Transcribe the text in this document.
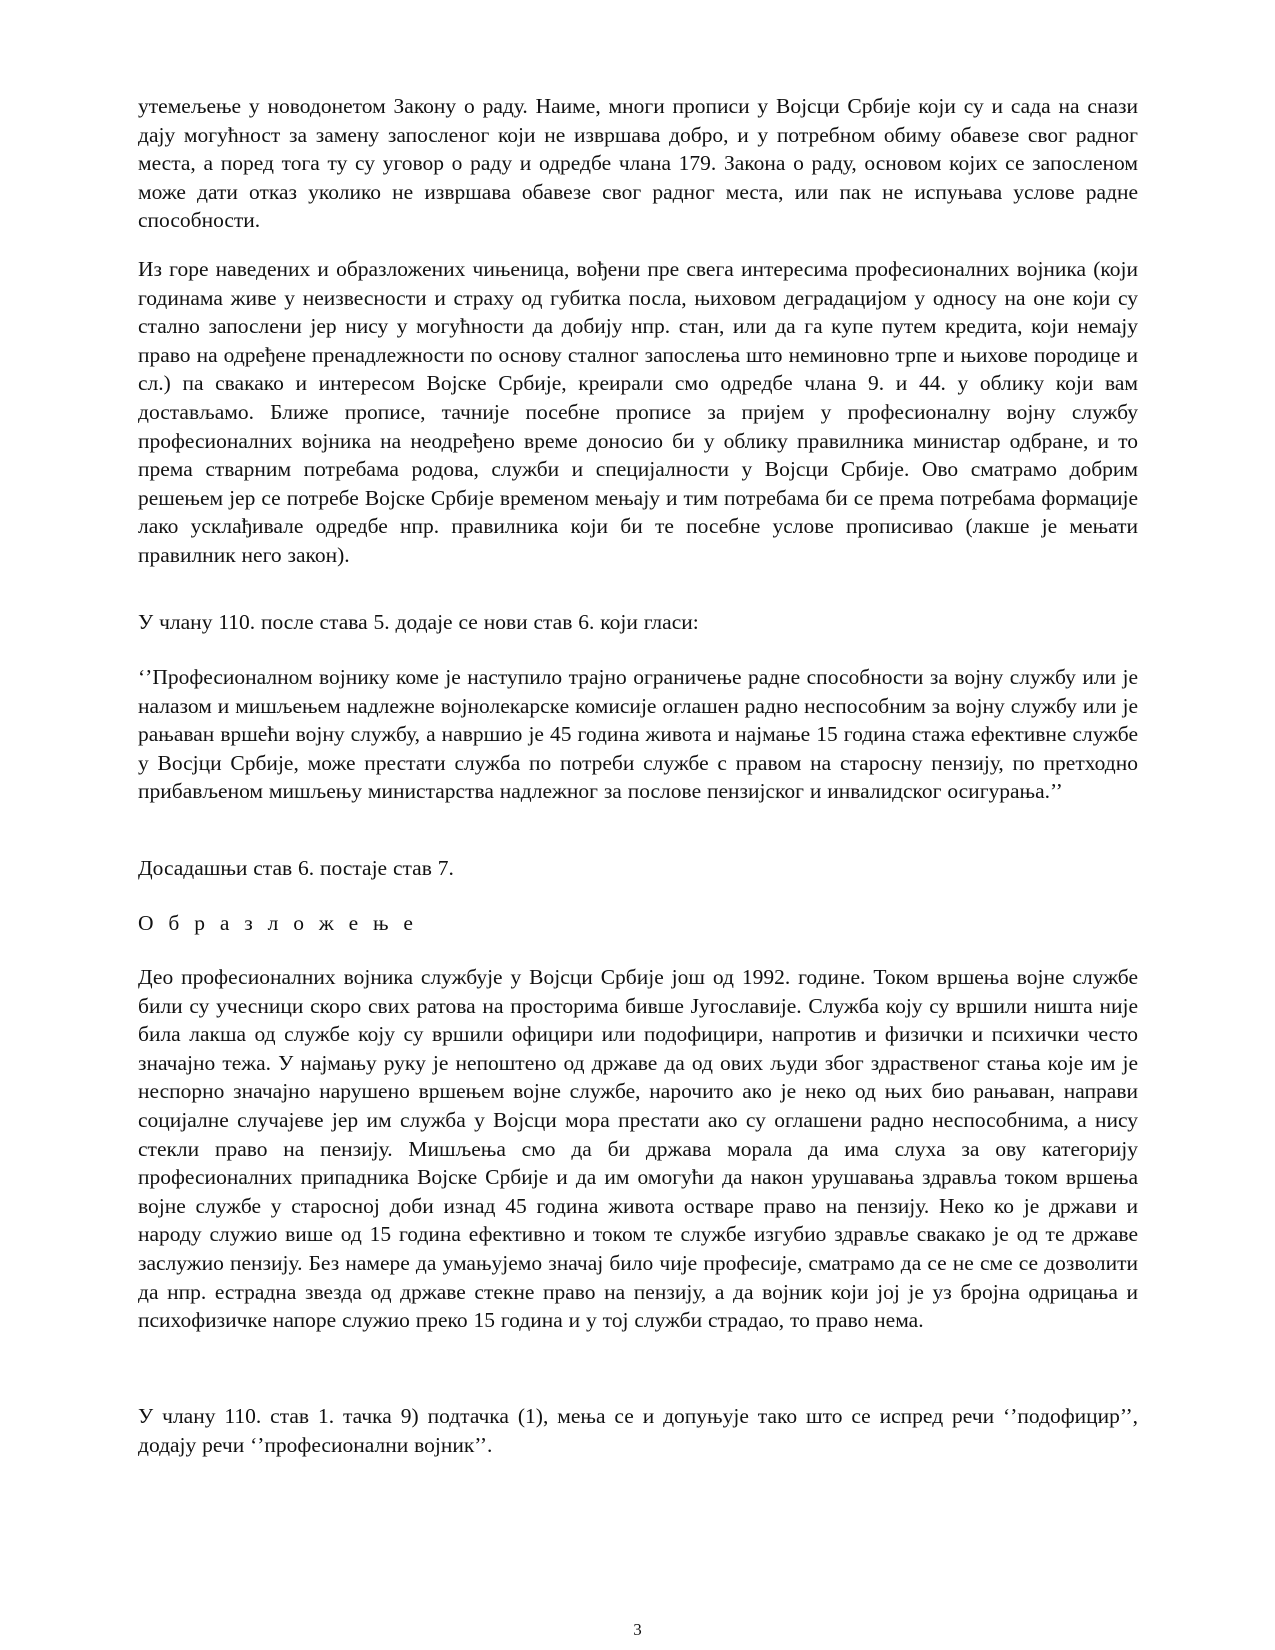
утемељење у новодонетом Закону о раду. Наиме, многи прописи у Војсци Србије који су и сада на снази дају могућност за замену запосленог који не извршава добро, и у потребном обиму обавезе свог радног места, а поред тога ту су уговор о раду и одредбе члана 179. Закона о раду, основом којих се запосленом може дати отказ уколико не извршава обавезе свог радног места, или пак не испуњава услове радне способности.

Из горе наведених и образложених чињеница, вођени пре свега интересима професионалних војника (који годинама живе у неизвесности и страху од губитка посла, њиховом деградацијом у односу на оне који су стално запослени јер нису у могућности да добију нпр. стан, или да га купе путем кредита, који немају право на одређене пренадлежности по основу сталног запослења што неминовно трпе и њихове породице и сл.) па свакако и интересом Војске Србије, креирали смо одредбе члана 9. и 44. у облику који вам достављамо. Ближе прописе, тачније посебне прописе за пријем у професионалну војну службу професионалних војника на неодређено време доносио би у облику правилника министар одбране, и то према стварним потребама родова, служби и специјалности у Војсци Србије. Ово сматрамо добрим решењем јер се потребе Војске Србије временом мењају и тим потребама би се према потребама формације лако усклађивале одредбе нпр. правилника који би те посебне услове прописивао (лакше је мењати правилник него закон).

У члану 110. после става 5. додаје се нови став 6. који гласи:

‘’Професионалном војнику коме је наступило трајно ограничење радне способности за војну службу или је налазом и мишљењем надлежне војнолекарске комисије оглашен радно неспособним за војну службу или је рањаван вршећи војну службу, а навршио је 45 година живота и најмање 15 година стажа ефективне службе у Восјци Србије, може престати служба по потреби службе с правом на старосну пензију, по претходно прибављеном мишљењу министарства надлежног за послове пензијског и инвалидског осигурања.’’

Досадашњи став 6. постаје став 7.

О б р а з л о ж е њ е

Део професионалних војника службује у Војсци Србије још од 1992. године. Током вршења војне службе били су учесници скоро свих ратова на просторима бивше Југославије. Служба коју су вршили ништа није била лакша од службе коју су вршили официри или подофицири, напротив и физички и психички често значајно тежа. У најмању руку је непоштено од државе да од ових људи због здраственог стања које им је неспорно значајно нарушено вршењем војне службе, нарочито ако је неко од њих био рањаван, направи социјалне случајеве јер им служба у Војсци мора престати ако су оглашени радно неспособнима, а нису стекли право на пензију. Мишљења смо да би држава морала да има слуха за ову категорију професионалних припадника Војске Србије и да им омогући да након урушавања здравља током вршења војне службе у старосној доби изнад 45 година живота остваре право на пензију. Неко ко је држави и народу служио више од 15 година ефективно и током те службе изгубио здравље свакако је од те државе заслужио пензију. Без намере да умањујемо значај било чије професије, сматрамо да се не сме се дозволити да нпр. естрадна звезда од државе стекне право на пензију, а да војник који јој је уз бројна одрицања и психофизичке напоре служио преко 15 година и у тој служби страдао, то право нема.

У члану 110. став 1. тачка 9) подтачка (1), мења се и допуњује тако што се испред речи ‘’подофицир’’, додају речи ‘’професионални војник’’.

3
